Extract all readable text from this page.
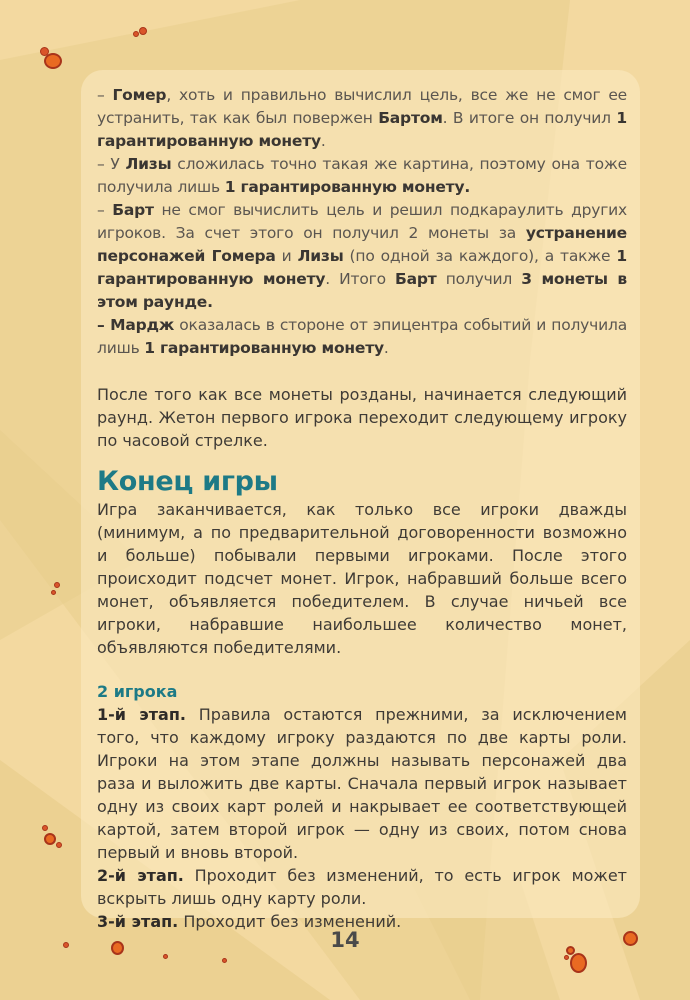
– Гомер, хоть и правильно вычислил цель, все же не смог ее устранить, так как был повержен Бартом. В итоге он получил 1 гарантированную монету.

– У Лизы сложилась точно такая же картина, поэтому она тоже получила лишь 1 гарантированную монету.

– Барт не смог вычислить цель и решил подкараулить других игроков. За счет этого он получил 2 монеты за устранение персонажей Гомера и Лизы (по одной за каждого), а также 1 гарантированную монету. Итого Барт получил 3 монеты в этом раунде.

– Мардж оказалась в стороне от эпицентра событий и получила лишь 1 гарантированную монету.

После того как все монеты розданы, начинается следующий раунд. Жетон первого игрока переходит следующему игроку по часовой стрелке.

Конец игры

Игра заканчивается, как только все игроки дважды (минимум, а по предварительной договоренности возможно и больше) побывали первыми игроками. После этого происходит подсчет монет. Игрок, набравший больше всего монет, объявляется победителем. В случае ничьей все игроки, набравшие наибольшее количество монет, объявляются победителями.

2 игрока

1-й этап. Правила остаются прежними, за исключением того, что каждому игроку раздаются по две карты роли. Игроки на этом этапе должны называть персонажей два раза и выложить две карты. Сначала первый игрок называет одну из своих карт ролей и накрывает ее соответствующей картой, затем второй игрок — одну из своих, потом снова первый и вновь второй.

2-й этап. Проходит без изменений, то есть игрок может вскрыть лишь одну карту роли.

3-й этап. Проходит без изменений.

14
